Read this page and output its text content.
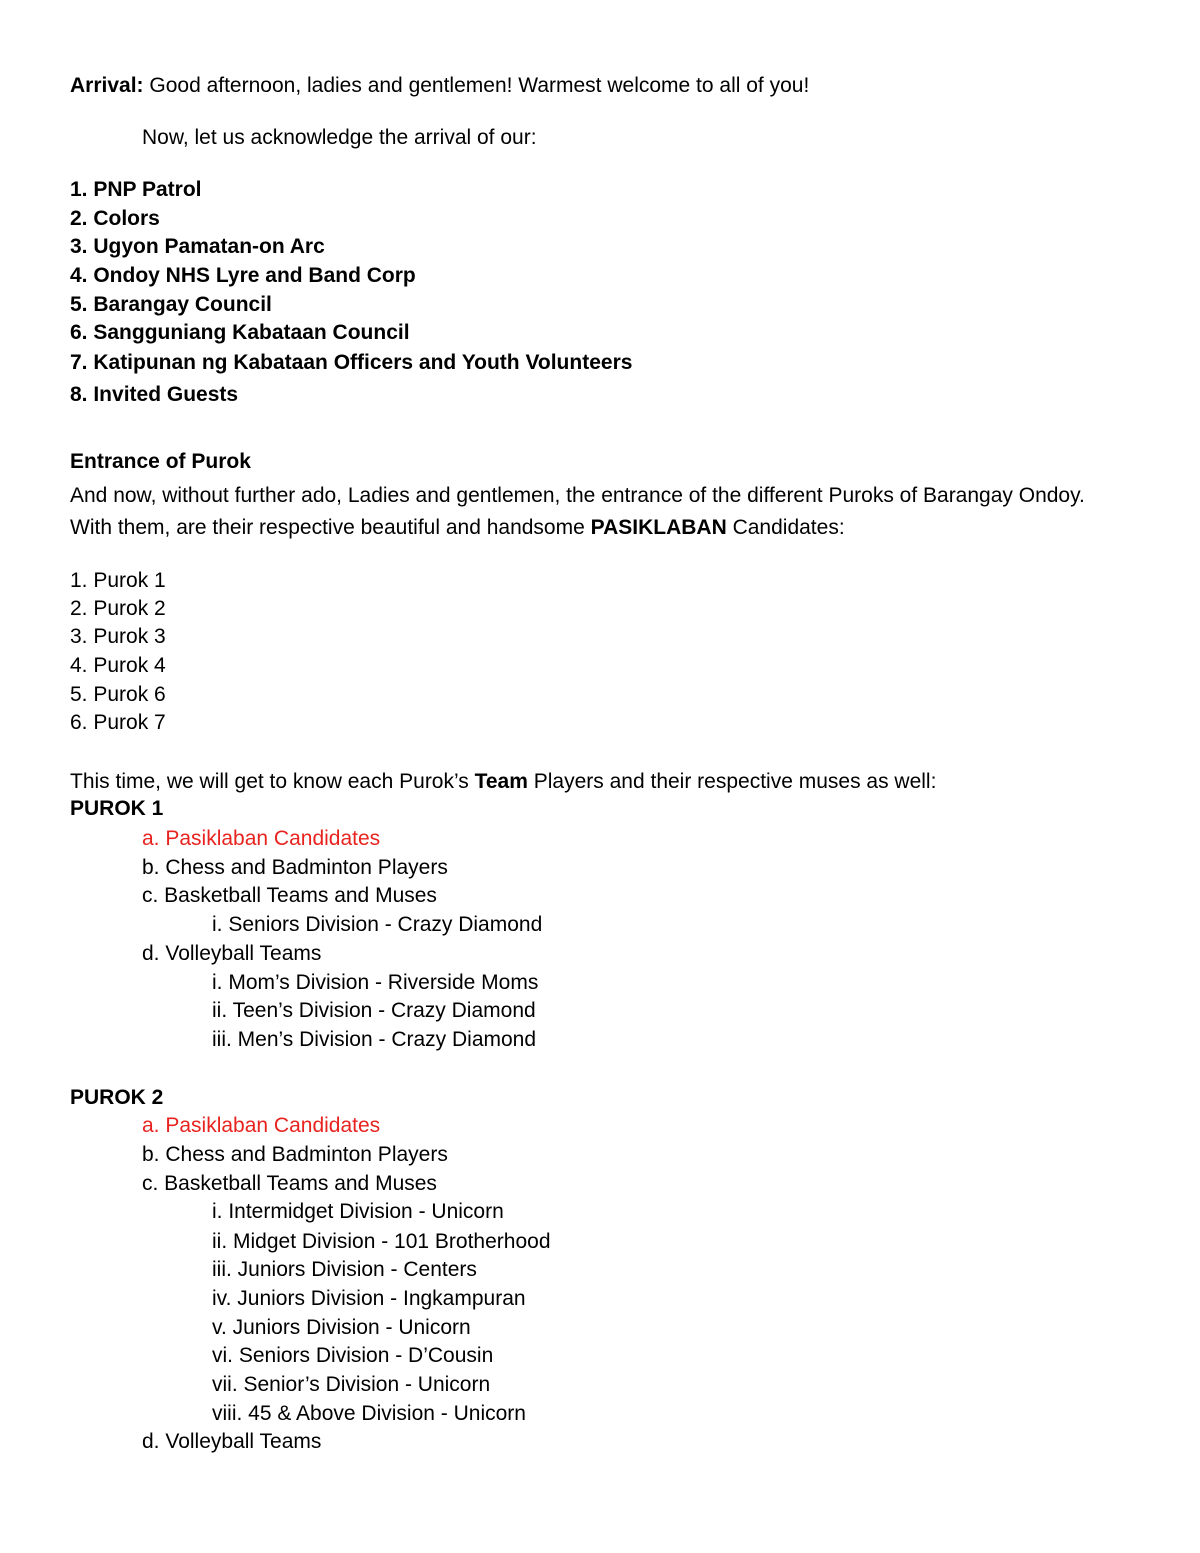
Arrival: Good afternoon, ladies and gentlemen! Warmest welcome to all of you!
Now, let us acknowledge the arrival of our:
1. PNP Patrol
2. Colors
3. Ugyon Pamatan-on Arc
4. Ondoy NHS Lyre and Band Corp
5. Barangay Council
6. Sangguniang Kabataan Council
7. Katipunan ng Kabataan Officers and Youth Volunteers
8. Invited Guests
Entrance of Purok
And now, without further ado, Ladies and gentlemen, the entrance of the different Puroks of Barangay Ondoy.
With them, are their respective beautiful and handsome PASIKLABAN Candidates:
1. Purok 1
2. Purok 2
3. Purok 3
4. Purok 4
5. Purok 6
6. Purok 7
This time, we will get to know each Purok’s Team Players and their respective muses as well:
PUROK 1
a. Pasiklaban Candidates
b. Chess and Badminton Players
c. Basketball Teams and Muses
i. Seniors Division - Crazy Diamond
d. Volleyball Teams
i. Mom’s Division - Riverside Moms
ii. Teen’s Division - Crazy Diamond
iii. Men’s Division - Crazy Diamond
PUROK 2
a. Pasiklaban Candidates
b. Chess and Badminton Players
c. Basketball Teams and Muses
i. Intermidget Division - Unicorn
ii. Midget Division - 101 Brotherhood
iii. Juniors Division - Centers
iv. Juniors Division - Ingkampuran
v. Juniors Division - Unicorn
vi. Seniors Division - D’Cousin
vii. Senior’s Division - Unicorn
viii. 45 & Above Division - Unicorn
d. Volleyball Teams
